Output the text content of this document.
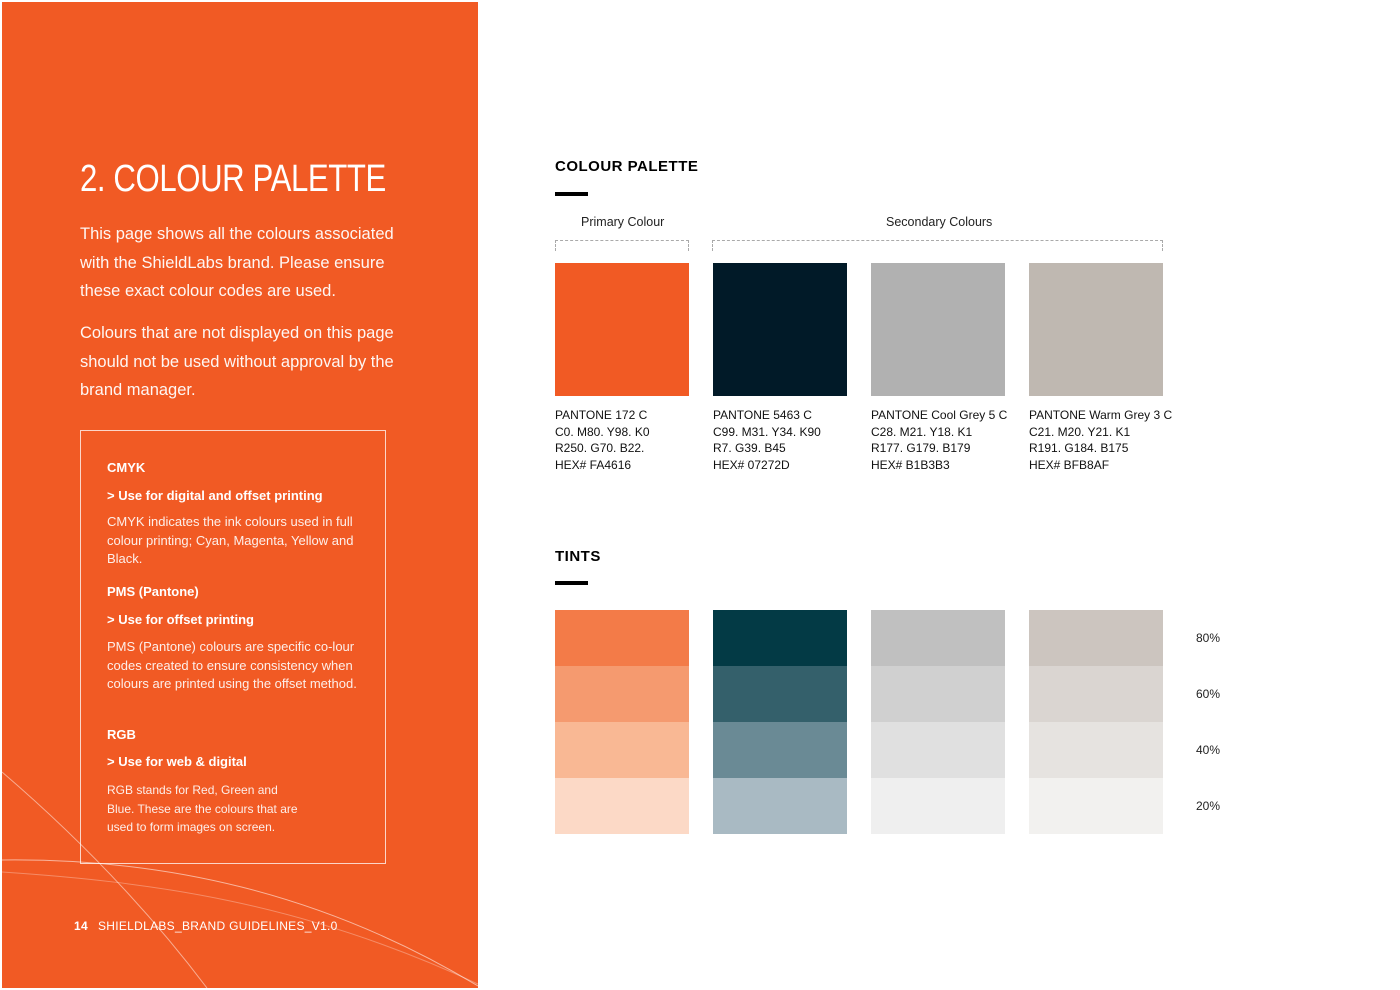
2. COLOUR PALETTE

This page shows all the colours associated with the ShieldLabs brand. Please ensure these exact colour codes are used.

Colours that are not displayed on this page should not be used without approval by the brand manager.

CMYK

> Use for digital and offset printing

CMYK indicates the ink colours used in full colour printing; Cyan, Magenta, Yellow and Black.

PMS (Pantone)

> Use for offset printing

PMS (Pantone) colours are specific co-lour codes created to ensure consistency when colours are printed using the offset method.

RGB

> Use for web & digital

RGB stands for Red, Green and Blue. These are the colours that are used to form images on screen.

14 SHIELDLABS_BRAND GUIDELINES_V1.0

COLOUR PALETTE

Primary Colour	Secondary Colours
PANTONE 172 C
C0. M80. Y98. K0
R250. G70. B22.
HEX# FA4616
PANTONE 5463 C
C99. M31. Y34. K90
R7. G39. B45
HEX# 07272D
PANTONE Cool Grey 5 C
C28. M21. Y18. K1
R177. G179. B179
HEX# B1B3B3
PANTONE Warm Grey 3 C
C21. M20. Y21. K1
R191. G184. B175
HEX# BFB8AF

TINTS

80%
60%
40%
20%
